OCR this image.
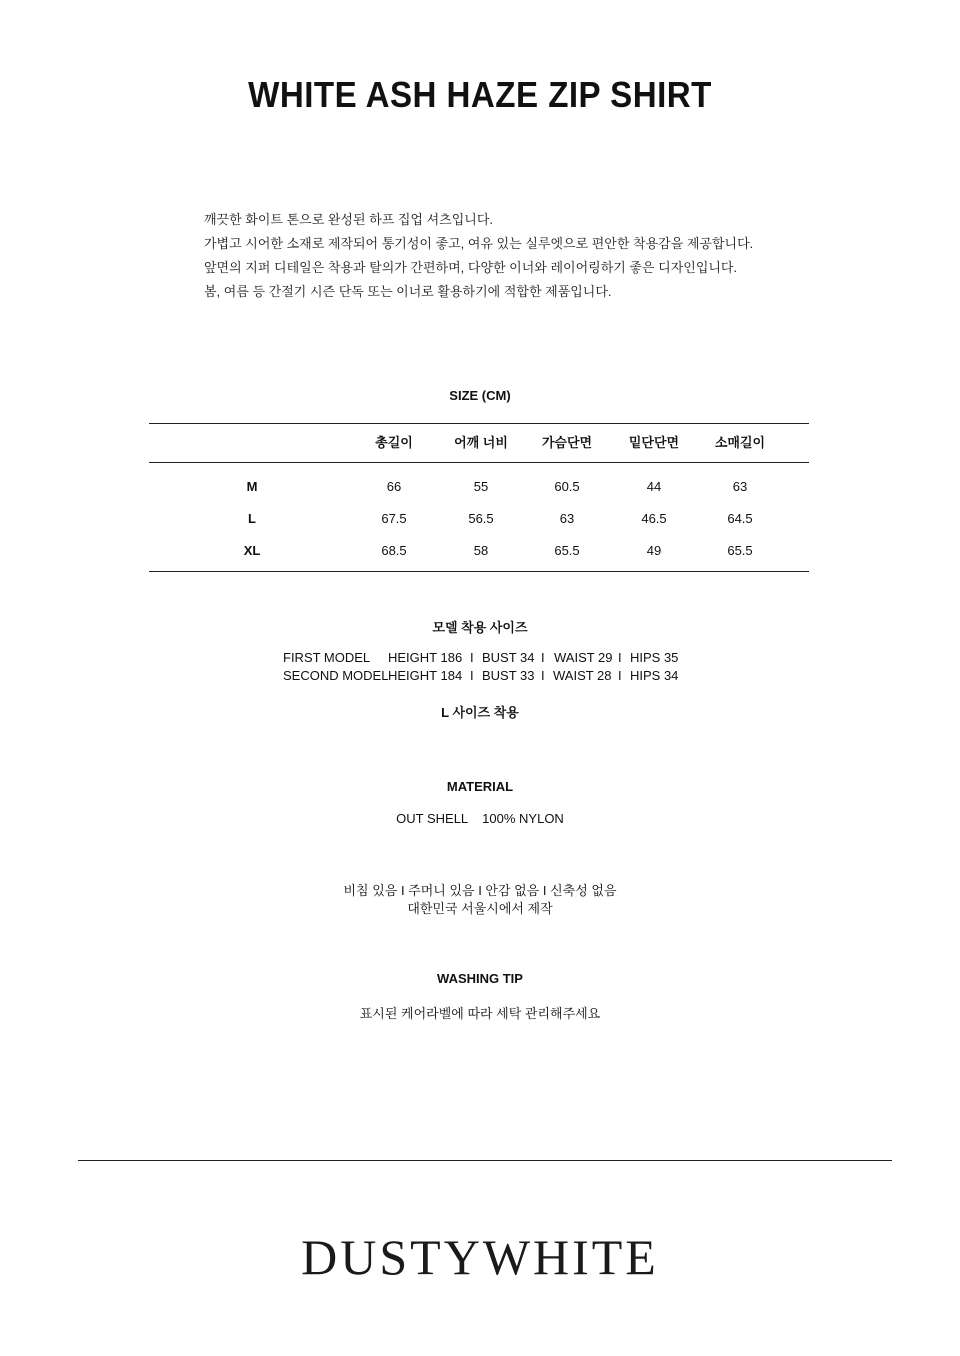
WHITE ASH HAZE ZIP SHIRT
깨끗한 화이트 톤으로 완성된 하프 집업 셔츠입니다.
가볍고 시어한 소재로 제작되어 통기성이 좋고, 여유 있는 실루엣으로 편안한 착용감을 제공합니다.
앞면의 지퍼 디테일은 착용과 탈의가 간편하며, 다양한 이너와 레이어링하기 좋은 디자인입니다.
봄, 여름 등 간절기 시즌 단독 또는 이너로 활용하기에 적합한 제품입니다.
SIZE (CM)
총길이	어깨 너비	가슴단면	밑단단면	소매길이
M	66	55	60.5	44	63
L	67.5	56.5	63	46.5	64.5
XL	68.5	58	65.5	49	65.5
모델 착용 사이즈
FIRST MODEL HEIGHT 186 I BUST 34 I WAIST 29 I HIPS 35
SECOND MODEL HEIGHT 184 I BUST 33 I WAIST 28 I HIPS 34
L 사이즈 착용
MATERIAL
OUT SHELL 100% NYLON
비침 있음 I 주머니 있음 I 안감 없음 I 신축성 없음
대한민국 서울시에서 제작
WASHING TIP
표시된 케어라벨에 따라 세탁 관리해주세요
DUSTYWHITE
